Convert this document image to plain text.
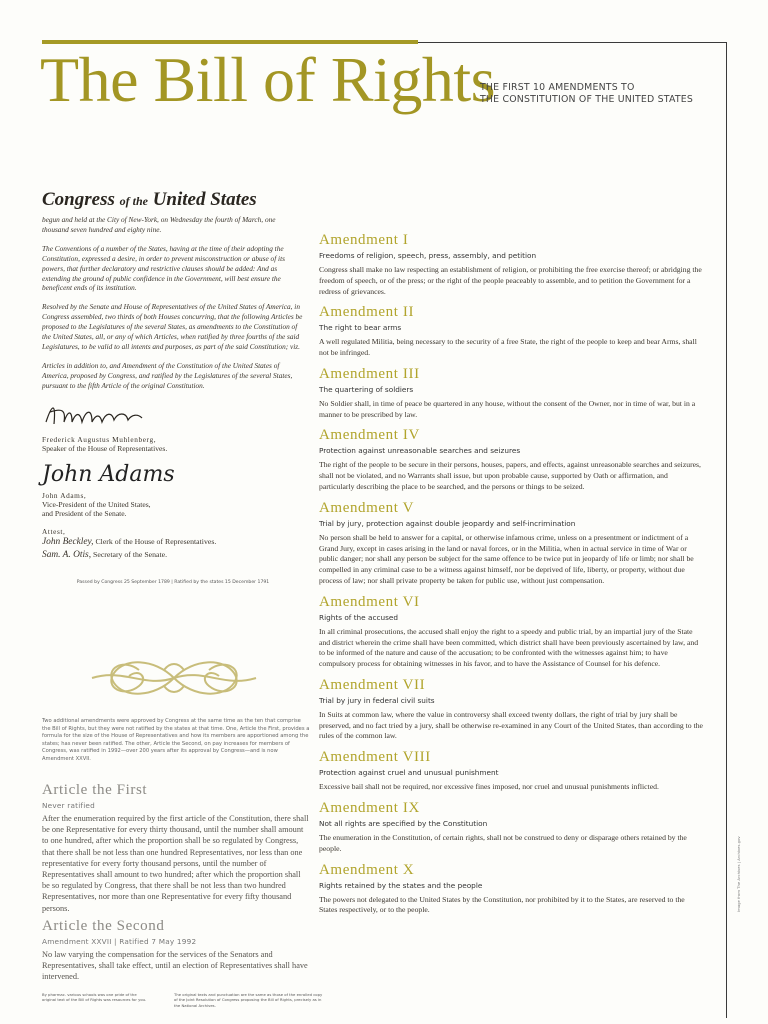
The Bill of Rights
THE FIRST 10 AMENDMENTS TO
THE CONSTITUTION OF THE UNITED STATES
Congress of the United States

begun and held at the City of New-York, on Wednesday the fourth of March, one thousand seven hundred and eighty nine.

The Conventions of a number of the States, having at the time of their adopting the Constitution, expressed a desire, in order to prevent misconstruction or abuse of its powers, that further declaratory and restrictive clauses should be added: And as extending the ground of public confidence in the Government, will best ensure the beneficent ends of its institution.

Resolved by the Senate and House of Representatives of the United States of America, in Congress assembled, two thirds of both Houses concurring, that the following Articles be proposed to the Legislatures of the several States, as amendments to the Constitution of the United States, all, or any of which Articles, when ratified by three fourths of the said Legislatures, to be valid to all intents and purposes, as part of the said Constitution; viz.

Articles in addition to, and Amendment of the Constitution of the United States of America, proposed by Congress, and ratified by the Legislatures of the several States, pursuant to the fifth Article of the original Constitution.

Frederick Augustus Muhlenberg,
Speaker of the House of Representatives.
John Adams
John Adams,
Vice-President of the United States,
and President of the Senate.
Attest,
John Beckley, Clerk of the House of Representatives.
Sam. A. Otis, Secretary of the Senate.
Passed by Congress 25 September 1789 | Ratified by the states 15 December 1791

Two additional amendments were approved by Congress at the same time as the ten that comprise the Bill of Rights, but they were not ratified by the states at that time. One, Article the First, provides a formula for the size of the House of Representatives and how its members are apportioned among the states; has never been ratified. The other, Article the Second, on pay increases for members of Congress, was ratified in 1992—over 200 years after its approval by Congress—and is now Amendment XXVII.

Article the First
Never ratified

After the enumeration required by the first article of the Constitution, there shall be one Representative for every thirty thousand, until the number shall amount to one hundred, after which the proportion shall be so regulated by Congress, that there shall be not less than one hundred Representatives, nor less than one representative for every forty thousand persons, until the number of Representatives shall amount to two hundred; after which the proportion shall be so regulated by Congress, that there shall be not less than two hundred Representatives, nor more than one Representative for every fifty thousand persons.

Article the Second
Amendment XXVII | Ratified 7 May 1992

No law varying the compensation for the services of the Senators and Representatives, shall take effect, until an election of Representatives shall have intervened.

By pharmac. various schools was one pride of the original text of the Bill of Rights was resources for you.

The original texts and punctuation are the same as those of the enrolled copy of the Joint Resolution of Congress proposing the Bill of Rights, precisely as in the National Archives.

Amendment I
Freedoms of religion, speech, press, assembly, and petition

Congress shall make no law respecting an establishment of religion, or prohibiting the free exercise thereof; or abridging the freedom of speech, or of the press; or the right of the people peaceably to assemble, and to petition the Government for a redress of grievances.

Amendment II
The right to bear arms

A well regulated Militia, being necessary to the security of a free State, the right of the people to keep and bear Arms, shall not be infringed.

Amendment III
The quartering of soldiers

No Soldier shall, in time of peace be quartered in any house, without the consent of the Owner, nor in time of war, but in a manner to be prescribed by law.

Amendment IV
Protection against unreasonable searches and seizures

The right of the people to be secure in their persons, houses, papers, and effects, against unreasonable searches and seizures, shall not be violated, and no Warrants shall issue, but upon probable cause, supported by Oath or affirmation, and particularly describing the place to be searched, and the persons or things to be seized.

Amendment V
Trial by jury, protection against double jeopardy and self-incrimination

No person shall be held to answer for a capital, or otherwise infamous crime, unless on a presentment or indictment of a Grand Jury, except in cases arising in the land or naval forces, or in the Militia, when in actual service in time of War or public danger; nor shall any person be subject for the same offence to be twice put in jeopardy of life or limb; nor shall be compelled in any criminal case to be a witness against himself, nor be deprived of life, liberty, or property, without due process of law; nor shall private property be taken for public use, without just compensation.

Amendment VI
Rights of the accused

In all criminal prosecutions, the accused shall enjoy the right to a speedy and public trial, by an impartial jury of the State and district wherein the crime shall have been committed, which district shall have been previously ascertained by law, and to be informed of the nature and cause of the accusation; to be confronted with the witnesses against him; to have compulsory process for obtaining witnesses in his favor, and to have the Assistance of Counsel for his defence.

Amendment VII
Trial by jury in federal civil suits

In Suits at common law, where the value in controversy shall exceed twenty dollars, the right of trial by jury shall be preserved, and no fact tried by a jury, shall be otherwise re-examined in any Court of the United States, than according to the rules of the common law.

Amendment VIII
Protection against cruel and unusual punishment

Excessive bail shall not be required, nor excessive fines imposed, nor cruel and unusual punishments inflicted.

Amendment IX
Not all rights are specified by the Constitution

The enumeration in the Constitution, of certain rights, shall not be construed to deny or disparage others retained by the people.

Amendment X
Rights retained by the states and the people

The powers not delegated to the United States by the Constitution, nor prohibited by it to the States, are reserved to the States respectively, or to the people.	Image from The Archives | Archives.gov
